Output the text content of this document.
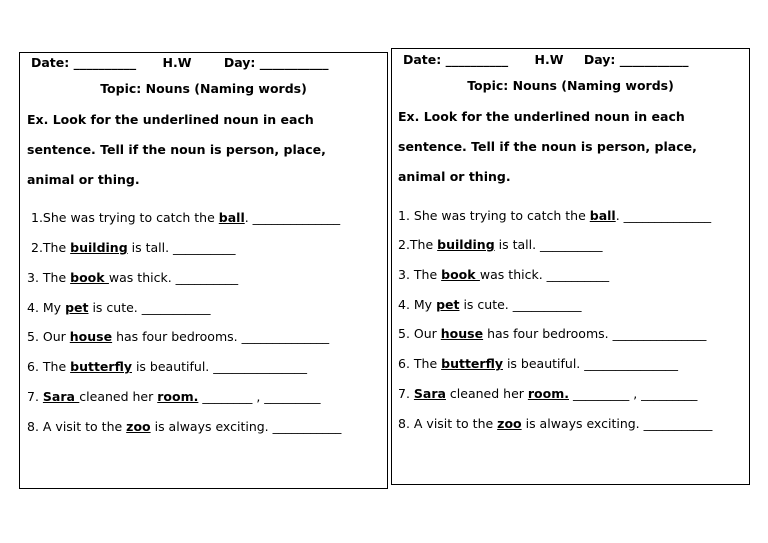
Date: __________ H.W	Day: ___________
Topic: Nouns (Naming words)
Ex. Look for the underlined noun in each
sentence. Tell if the noun is person, place,
animal or thing.
1.She was trying to catch the ball. ______________
2.The building is tall. __________
3. The book was thick. __________
4. My pet is cute. ___________
5. Our house has four bedrooms. ______________
6. The butterfly is beautiful. _______________
7. Sara cleaned her room. ________ , _________
8. A visit to the zoo is always exciting. ___________
Date: __________ H.W Day: ___________
Topic: Nouns (Naming words)
Ex. Look for the underlined noun in each
sentence. Tell if the noun is person, place,
animal or thing.
1. She was trying to catch the ball. ______________
2.The building is tall. __________
3. The book was thick. __________
4. My pet is cute. ___________
5. Our house has four bedrooms. _______________
6. The butterfly is beautiful. _______________
7. Sara cleaned her room. _________ , _________
8. A visit to the zoo is always exciting. ___________
